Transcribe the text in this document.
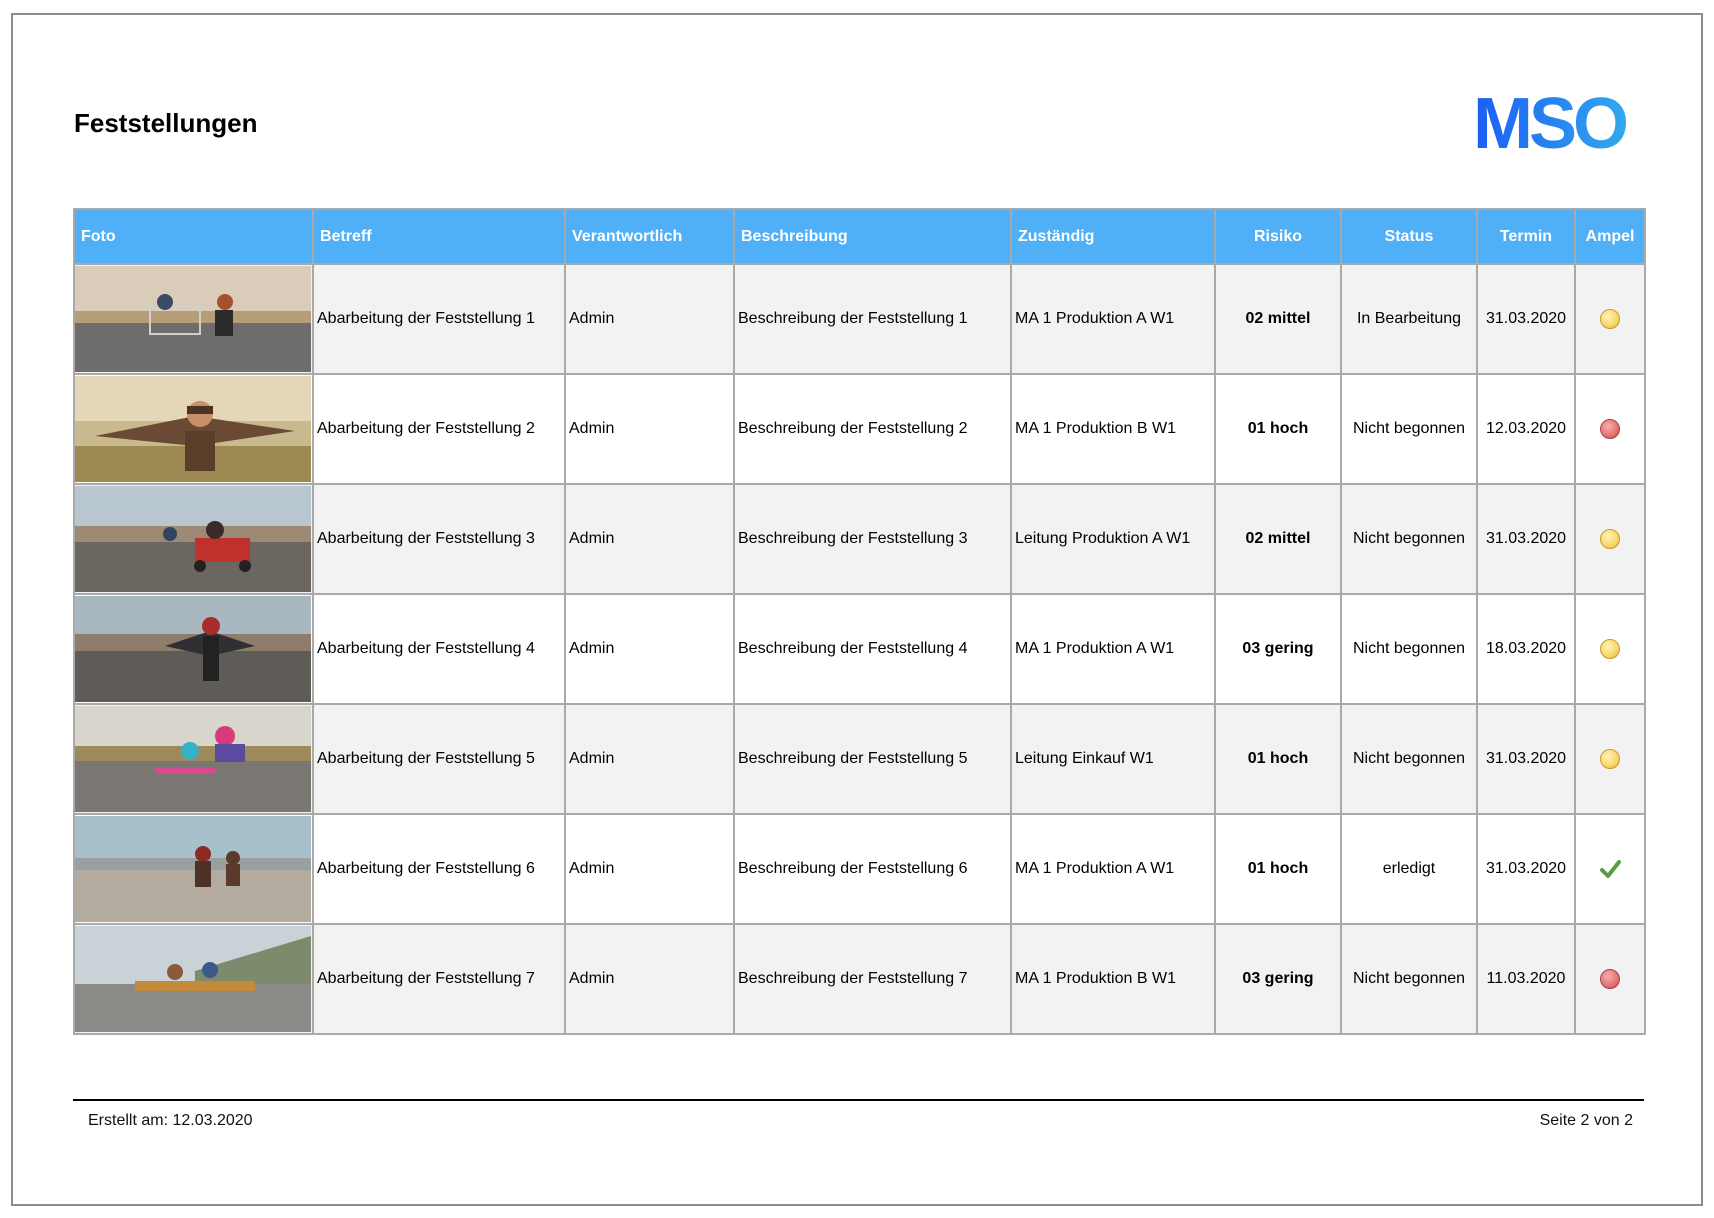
Feststellungen	MSO
Foto	Betreff	Verantwortlich	Beschreibung	Zuständig	Risiko	Status	Termin	Ampel

	Abarbeitung der Feststellung 1	Admin	Beschreibung der Feststellung 1	MA 1 Produktion A W1	02 mittel	In Bearbeitung	31.03.2020	

	Abarbeitung der Feststellung 2	Admin	Beschreibung der Feststellung 2	MA 1 Produktion B W1	01 hoch	Nicht begonnen	12.03.2020	

	Abarbeitung der Feststellung 3	Admin	Beschreibung der Feststellung 3	Leitung Produktion A W1	02 mittel	Nicht begonnen	31.03.2020	

	Abarbeitung der Feststellung 4	Admin	Beschreibung der Feststellung 4	MA 1 Produktion A W1	03 gering	Nicht begonnen	18.03.2020	

	Abarbeitung der Feststellung 5	Admin	Beschreibung der Feststellung 5	Leitung Einkauf W1	01 hoch	Nicht begonnen	31.03.2020	

	Abarbeitung der Feststellung 6	Admin	Beschreibung der Feststellung 6	MA 1 Produktion A W1	01 hoch	erledigt	31.03.2020	

	Abarbeitung der Feststellung 7	Admin	Beschreibung der Feststellung 7	MA 1 Produktion B W1	03 gering	Nicht begonnen	11.03.2020	
Erstellt am: 12.03.2020	Seite 2 von 2
